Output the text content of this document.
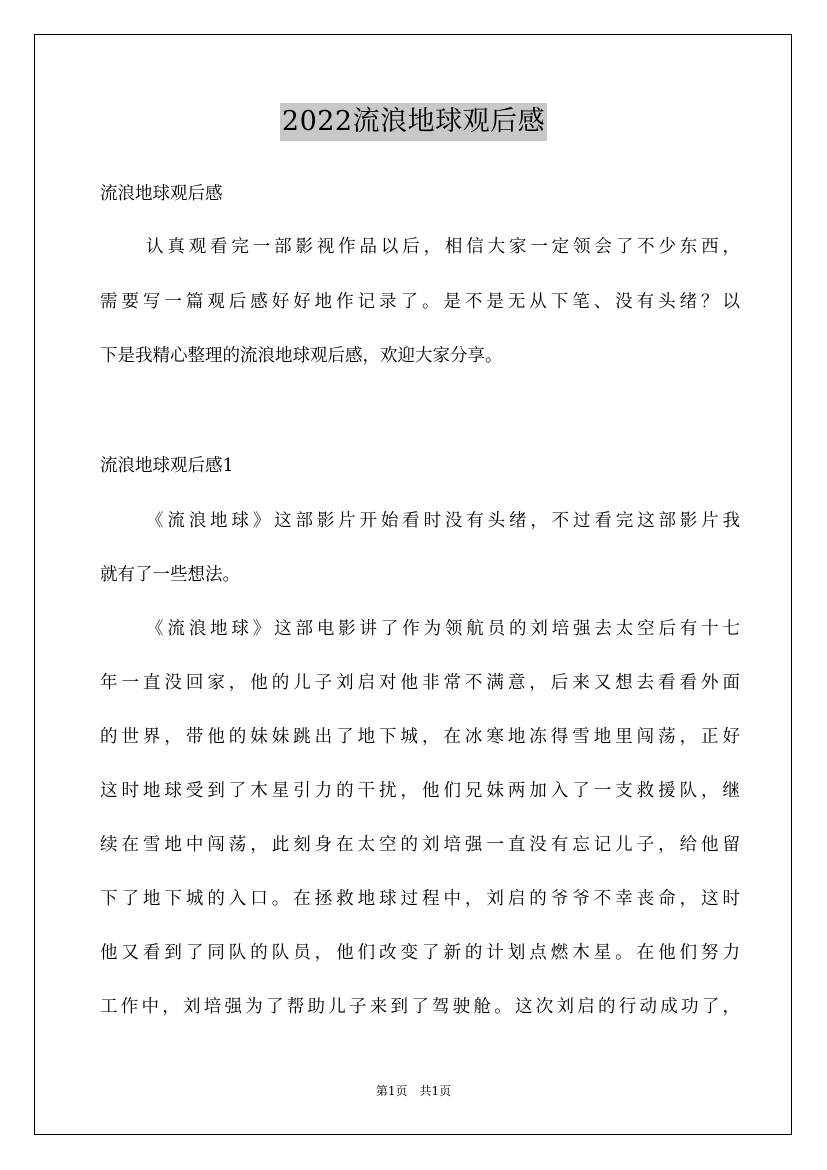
2022流浪地球观后感
流浪地球观后感
认真观看完一部影视作品以后，相信大家一定领会了不少东西，
需要写一篇观后感好好地作记录了。是不是无从下笔、没有头绪？以
下是我精心整理的流浪地球观后感，欢迎大家分享。
流浪地球观后感1
《流浪地球》这部影片开始看时没有头绪，不过看完这部影片我
就有了一些想法。
《流浪地球》这部电影讲了作为领航员的刘培强去太空后有十七
年一直没回家，他的儿子刘启对他非常不满意，后来又想去看看外面
的世界，带他的妹妹跳出了地下城，在冰寒地冻得雪地里闯荡，正好
这时地球受到了木星引力的干扰，他们兄妹两加入了一支救援队，继
续在雪地中闯荡，此刻身在太空的刘培强一直没有忘记儿子，给他留
下了地下城的入口。在拯救地球过程中，刘启的爷爷不幸丧命，这时
他又看到了同队的队员，他们改变了新的计划点燃木星。在他们努力
工作中，刘培强为了帮助儿子来到了驾驶舱。这次刘启的行动成功了，
第1页　共1页
